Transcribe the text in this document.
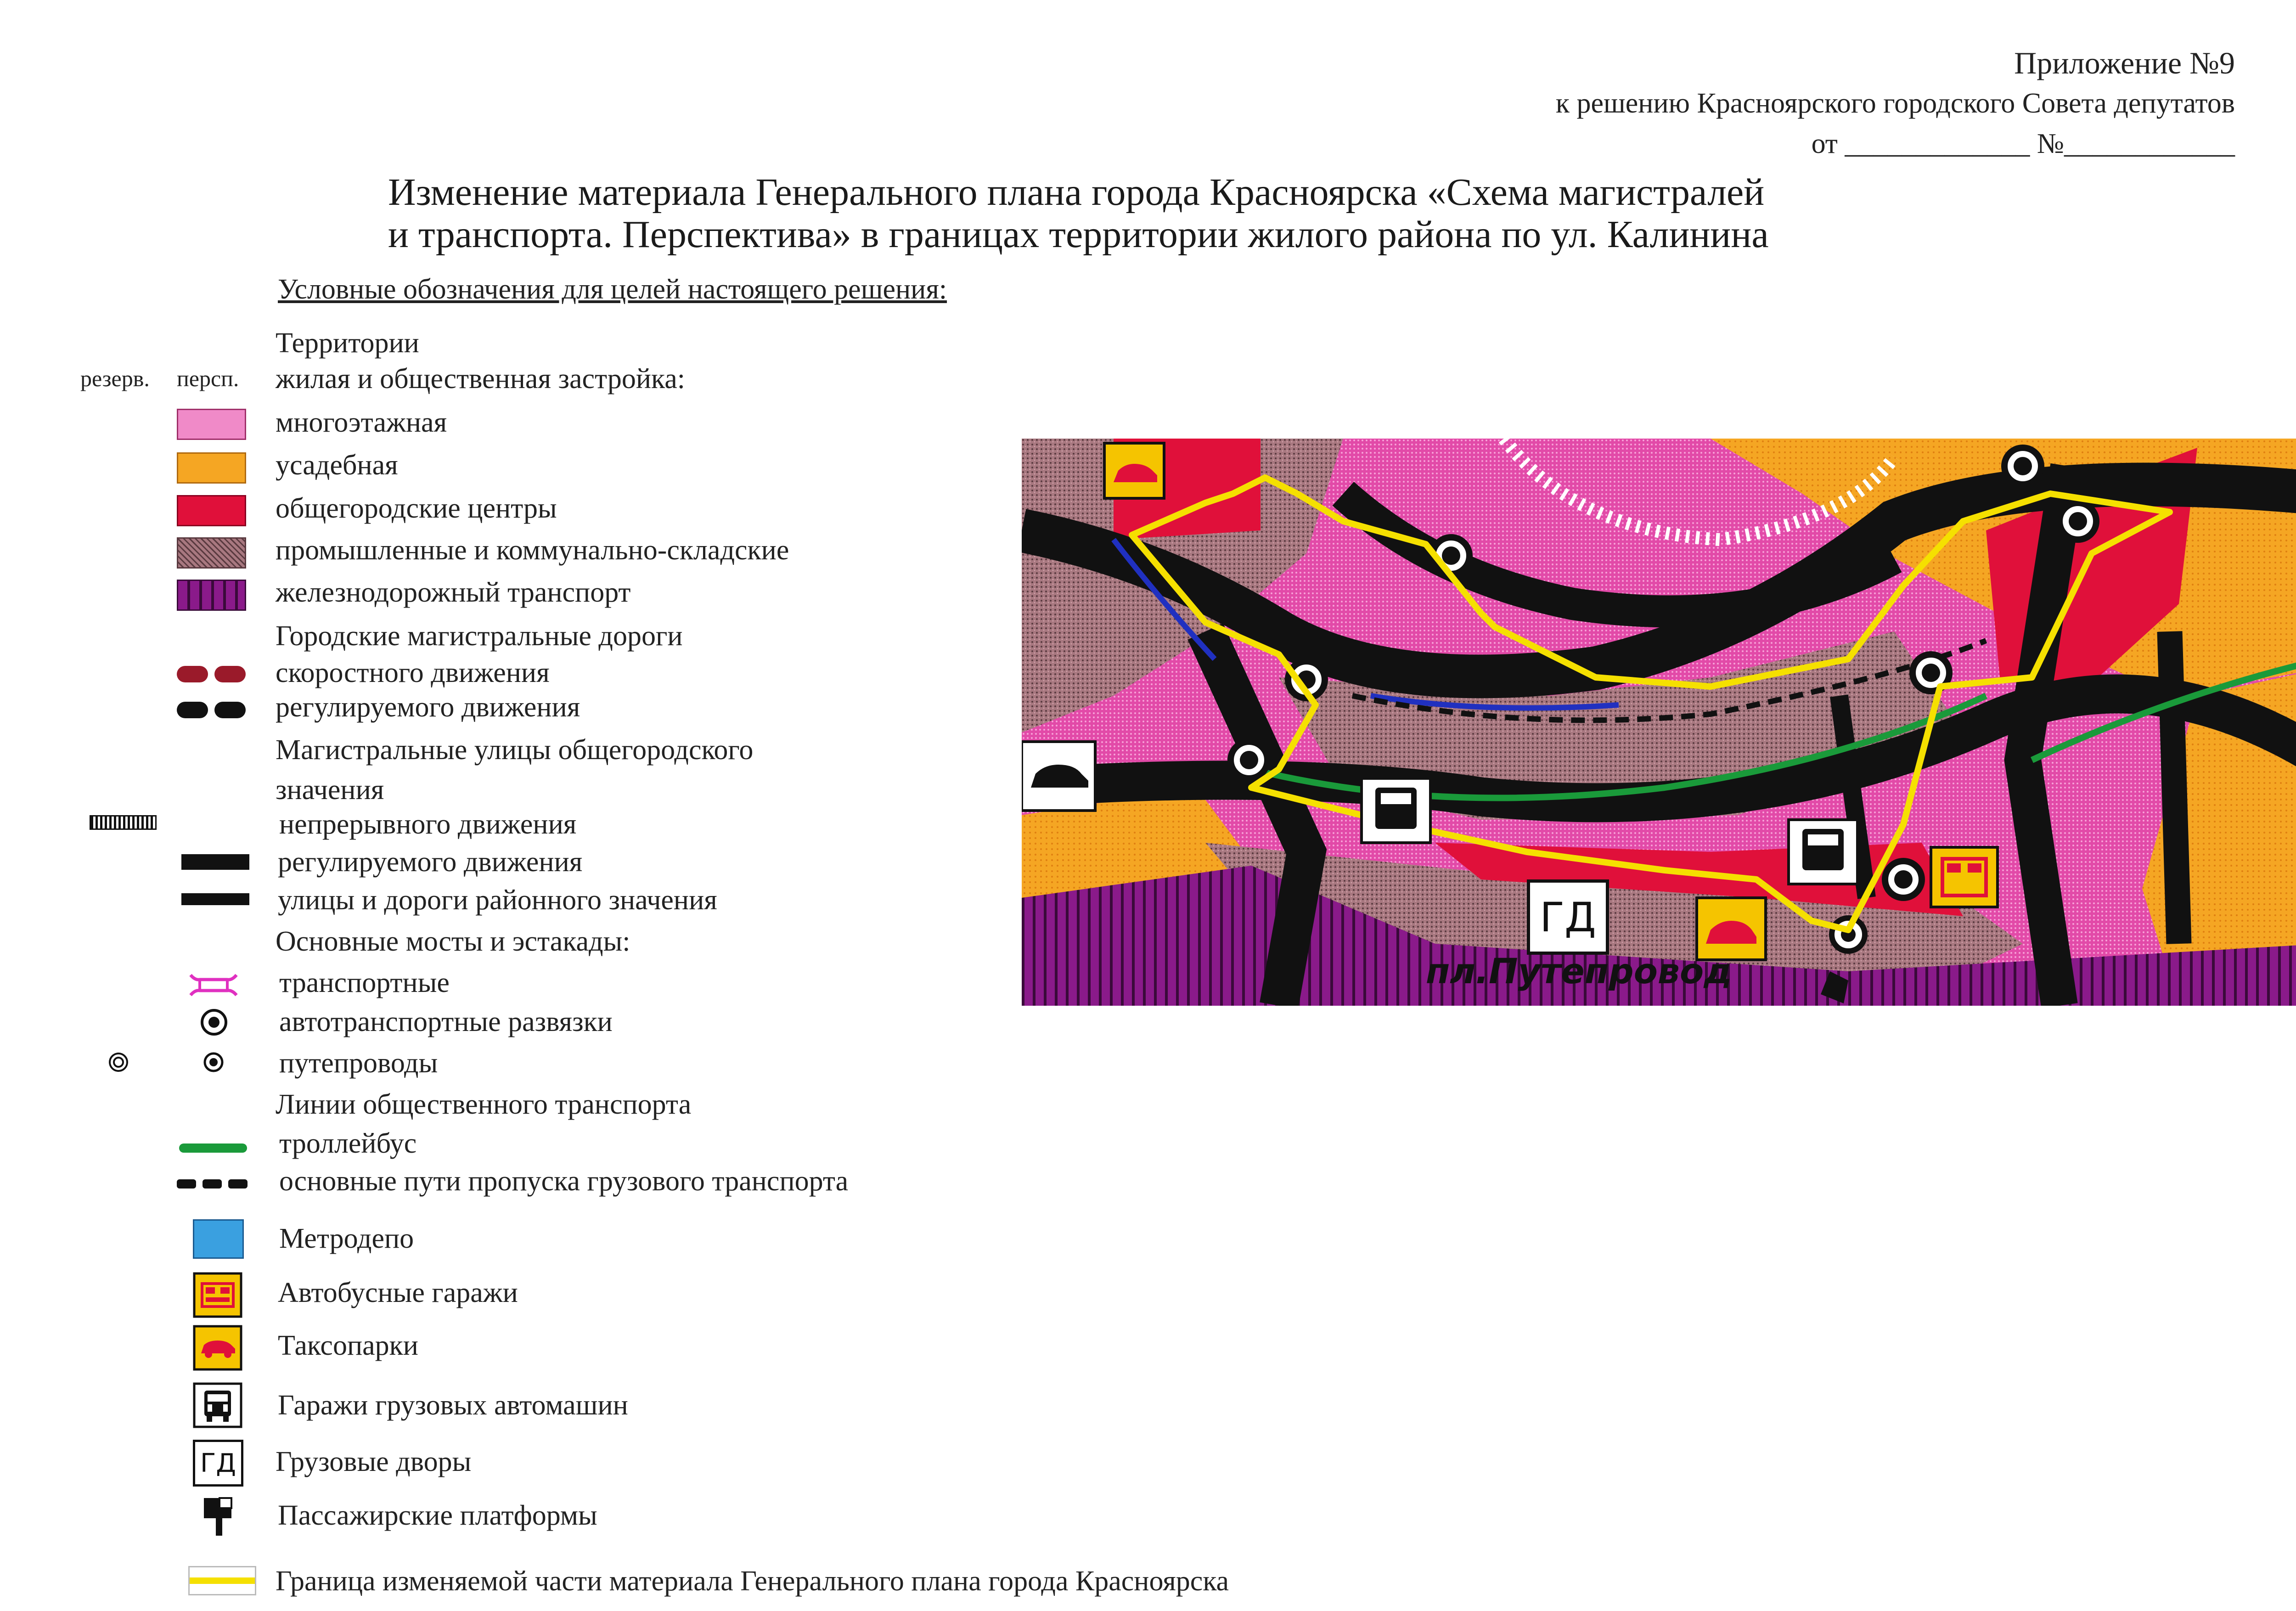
Приложение №9
к решению Красноярского городского Совета депутатов
от _____________ №____________
Изменение материала Генерального плана города Красноярска «Схема магистралей
и транспорта. Перспектива» в границах территории жилого района по ул. Калинина
Условные обозначения для целей настоящего решения:
Территории
резерв. персп. жилая и общественная застройка:
многоэтажная
усадебная
общегородские центры
промышленные и коммунально-складские
железнодорожный транспорт
Городские магистральные дороги
скоростного движения
регулируемого движения
Магистральные улицы общегородского
значения
непрерывного движения
регулируемого движения
улицы и дороги районного значения
Основные мосты и эстакады:
транспортные
автотранспортные развязки
путепроводы
Линии общественного транспорта
троллейбус
основные пути пропуска грузового транспорта
Метродепо
Автобусные гаражи
Таксопарки
Гаражи грузовых автомашин
ГД Грузовые дворы
Пассажирские платформы
Граница изменяемой части материала Генерального плана города Красноярска
ГД
пл.Путепровод
